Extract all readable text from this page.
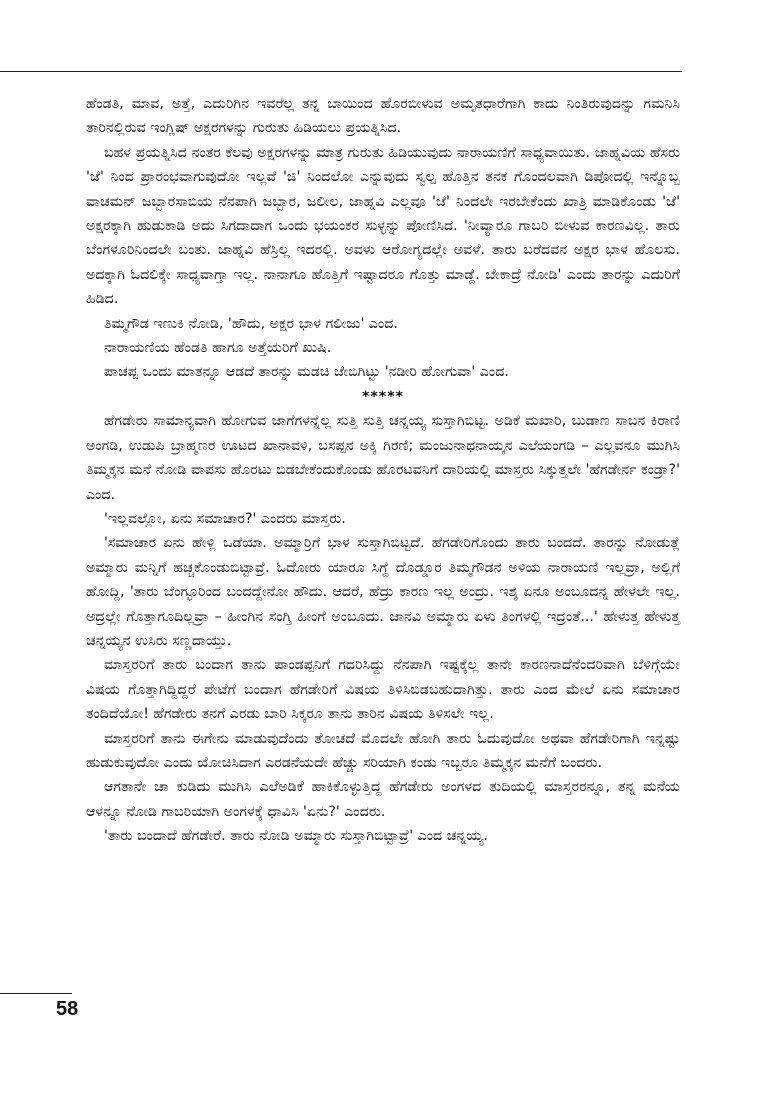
ಹೆಂಡತಿ, ಮಾವ, ಅತ್ತೆ, ಎದುರಿಗಿನ ಇವರೆಲ್ಲ ತನ್ನ ಬಾಯಿಂದ ಹೊರಬೀಳುವ ಅಮೃತಧಾರೆಗಾಗಿ ಕಾದು ನಿಂತಿರುವುದನ್ನು ಗಮನಿಸಿ ತಾರಿನಲ್ಲಿರುವ ಇಂಗ್ಲಿಷ್ ಅಕ್ಷರಗಳನ್ನು ಗುರುತು ಹಿಡಿಯಲು ಪ್ರಯತ್ನಿಸಿದ.

ಬಹಳ ಪ್ರಯತ್ನಿಸಿದ ನಂತರ ಕೆಲವು ಅಕ್ಷರಗಳನ್ನು ಮಾತ್ರ ಗುರುತು ಹಿಡಿಯುವುದು ನಾರಾಯಣಿಗೆ ಸಾಧ್ಯವಾಯಿತು. ಜಾಹ್ನವಿಯ ಹೆಸರು 'ಜೆ' ನಿಂದ ಪ್ರಾರಂಭವಾಗುವುದೋ ಇಲ್ಲವೆ 'ಜಿ' ನಿಂದಲೋ ಎನ್ನುವುದು ಸ್ವಲ್ಪ ಹೊತ್ತಿನ ತನಕ ಗೊಂದಲವಾಗಿ ಡಿಪೋದಲ್ಲಿ ಇನ್ನೊಬ್ಬ ವಾಚಮನ್ ಜಬ್ಬಾರಸಾಬಿಯ ನೆನಪಾಗಿ ಜಬ್ಬಾರ, ಜಲೀಲ, ಜಾಹ್ನವಿ ಎಲ್ಲವೂ 'ಜೆ' ನಿಂದಲೇ ಇರಬೇಕೆಂದು ಖಾತ್ರಿ ಮಾಡಿಕೊಂಡು 'ಜೆ' ಅಕ್ಷರಕ್ಕಾಗಿ ಹುಡುಕಾಡಿ ಅದು ಸಿಗದಾದಾಗ ಒಂದು ಭಯಂಕರ ಸುಳ್ಳನ್ನು ಪೋಣಿಸಿದ. 'ನೀವ್ಯಾರೂ ಗಾಬರಿ ಬೀಳುವ ಕಾರಣವಿಲ್ಲ. ತಾರು ಬೆಂಗಳೂರಿನಿಂದಲೇ ಬಂತು. ಜಾಹ್ನವಿ ಹೆಸ್ರಿಲ್ಲ ಇದರಲ್ಲಿ. ಅವಳು ಆರೋಗ್ಯದಲ್ಲೇ ಅವಳೆ. ತಾರು ಬರೆದವನ ಅಕ್ಷರ ಭಾಳ ಹೊಲಸು. ಅದಕ್ಕಾಗಿ ಓದಲಿಕ್ಕೇ ಸಾಧ್ಯವಾಗ್ತಾ ಇಲ್ಲ. ನಾನಾಗೂ ಹೊತ್ತಿಗೆ ಇಷ್ಟಾದರೂ ಗೊತ್ತು ಮಾಡ್ದೆ. ಬೇಕಾದ್ರೆ ನೋಡಿ' ಎಂದು ತಾರನ್ನು ಎದುರಿಗೆ ಹಿಡಿದ.

ತಿಮ್ಮಗೌಡ ಇಣುಕಿ ನೋಡಿ, 'ಹೌದು, ಅಕ್ಷರ ಭಾಳ ಗಲೀಜು' ಎಂದ.

ನಾರಾಯಣಿಯ ಹೆಂಡತಿ ಹಾಗೂ ಅತ್ತೆಯರಿಗೆ ಖುಷಿ.

ಪಾಚಪ್ಪ ಒಂದು ಮಾತನ್ನೂ ಆಡದೆ ತಾರನ್ನು ಮಡಚಿ ಜೇಬಿಗಿಟ್ಟು 'ನಡೀರಿ ಹೋಗುವಾ' ಎಂದ.

*****

ಹೆಗಡೇರು ಸಾಮಾನ್ಯವಾಗಿ ಹೋಗುವ ಜಾಗೆಗಳನ್ನೆಲ್ಲ ಸುತ್ತಿ ಸುತ್ತಿ ಚನ್ನಯ್ಯ ಸುಸ್ತಾಗಿಬಿಟ್ಟ. ಅಡಿಕೆ ಮಖಾರಿ, ಬುಡಾಣ ಸಾಬನ ಕಿರಾಣಿ ಅಂಗಡಿ, ಉಡುಪಿ ಬ್ರಾಹ್ಮಣರ ಊಟದ ಖಾನಾವಳಿ, ಬಸಪ್ಪನ ಅಕ್ಕಿ ಗಿರಣಿ; ಮಂಜುನಾಥನಾಯ್ಕನ ಎಲೆಯಂಗಡಿ – ಎಲ್ಲವನೂ ಮುಗಿಸಿ ತಿಮ್ಮಕ್ಕನ ಮನೆ ನೋಡಿ ವಾಪಸು ಹೊರಟು ಬಿಡಬೇಕೆಂದುಕೊಂಡು ಹೊರಟವನಿಗೆ ದಾರಿಯಲ್ಲಿ ಮಾಸ್ತರು ಸಿಕ್ಕುತ್ತಲೇ 'ಹೆಗಡೇರ್ನ ಕಂಡ್ರಾ?' ಎಂದ.

'ಇಲ್ಲವಲ್ಲೋ, ಏನು ಸಮಾಚಾರ?' ಎಂದರು ಮಾಸ್ತರು.

'ಸಮಾಚಾರ ಏನು ಹೇಳ್ಲಿ ಒಡೆಯಾ. ಅಮ್ಮಾರ್ರಿಗೆ ಭಾಳ ಸುಸ್ತಾಗಿಬಿಟ್ಟದೆ. ಹೆಗಡೇರಿಗೊಂದು ತಾರು ಬಂದದೆ. ತಾರನ್ನು ನೋಡುತ್ಲೆ ಅಮ್ಮಾರು ಮನ್ನಿಗೆ ಹಚ್ಚಕೊಂಡುಬಿಟ್ಟಾವ್ರೆ. ಓದೋರು ಯಾರೂ ಸಿಗ್ದೆ ದೊಡ್ಡೂರ ತಿಮ್ಮಗೌಡನ ಅಳಿಯ ನಾರಾಯಣಿ ಇಲ್ಲವ್ರಾ, ಅಲ್ಲಿಗೆ ಹೋದ್ದಿ, 'ತಾರು ಬೆಂಗ್ಳೂರಿಂದ ಬಂದದ್ದೇನೋ ಹೌದು. ಆದರೆ, ಹೆದ್ರು ಕಾರಣ ಇಲ್ಲ ಅಂದ್ರು. ಇಶ್ಶ ಏನೂ ಅಂಬೂದನ್ನ ಹೇಳಲೇ ಇಲ್ಲ. ಅದ್ರಲ್ಲೇ ಗೊತ್ತಾಗೂದಿಲ್ಲವ್ರಾ – ಹೀಂಗಿನ ಸಂಗ್ತಿ ಹೀಂಗೆ ಅಂಬೂದು. ಜಾನವಿ ಅಮ್ಮಾರು ಏಳು ತಿಂಗಳಲ್ಲಿ ಇದ್ರಂತೆ...' ಹೇಳುತ್ತ ಹೇಳುತ್ತ ಚನ್ನಯ್ಯನ ಉಸಿರು ಸಣ್ಣದಾಯ್ತು.

ಮಾಸ್ತರರಿಗೆ ತಾರು ಬಂದಾಗ ತಾನು ಪಾಂಡಪ್ಪನಿಗೆ ಗದರಿಸಿದ್ದು ನೆನಪಾಗಿ ಇಷ್ಟಕ್ಕೆಲ್ಲ ತಾನೇ ಕಾರಣನಾದೆನೆಂದರಿವಾಗಿ ಬೆಳಿಗ್ಗೆಯೇ ವಿಷಯ ಗೊತ್ತಾಗಿದ್ದಿದ್ದರೆ ಪೇಟೆಗೆ ಬಂದಾಗ ಹೆಗಡೇರಿಗೆ ವಿಷಯ ತಿಳಿಸಿಬಿಡಬಹುದಾಗಿತ್ತು. ತಾರು ಎಂದ ಮೇಲೆ ಏನು ಸಮಾಚಾರ ತಂದಿದೆಯೋ! ಹೆಗಡೇರು ತನಗೆ ಎರಡು ಬಾರಿ ಸಿಕ್ಕರೂ ತಾನು ತಾರಿನ ವಿಷಯ ತಿಳಿಸಲೇ ಇಲ್ಲ.

ಮಾಸ್ತರರಿಗೆ ತಾನು ಈಗೇನು ಮಾಡುವುದೆಂದು ತೋಚದೆ ಮೊದಲೇ ಹೋಗಿ ತಾರು ಓದುವುದೋ ಅಥವಾ ಹೆಗಡೇರಿಗಾಗಿ ಇನ್ನಷ್ಟು ಹುಡುಕುವುದೋ ಎಂದು ಯೋಚಿಸಿದಾಗ ಎರಡನೆಯದೇ ಹೆಚ್ಚು ಸರಿಯಾಗಿ ಕಂಡು ಇಬ್ಬರೂ ತಿಮ್ಮಕ್ಕನ ಮನೆಗೆ ಬಂದರು.

ಆಗತಾನೇ ಚಾ ಕುಡಿದು ಮುಗಿಸಿ ಎಲೆಅಡಿಕೆ ಹಾಕಿಕೊಳ್ಳುತ್ತಿದ್ದ ಹೆಗಡೇರು ಅಂಗಳದ ತುದಿಯಲ್ಲಿ ಮಾಸ್ತರರನ್ನೂ, ತನ್ನ ಮನೆಯ ಆಳನ್ನೂ ನೋಡಿ ಗಾಬರಿಯಾಗಿ ಅಂಗಳಕ್ಕೆ ಧಾವಿಸಿ 'ಏನು?' ಎಂದರು.

'ತಾರು ಬಂದಾದೆ ಹೆಗಡೇರೆ. ತಾರು ನೋಡಿ ಅಮ್ಮಾರು ಸುಸ್ತಾಗಿಬಿಟ್ಟಾವ್ರೆ' ಎಂದ ಚನ್ನಯ್ಯ.

58
